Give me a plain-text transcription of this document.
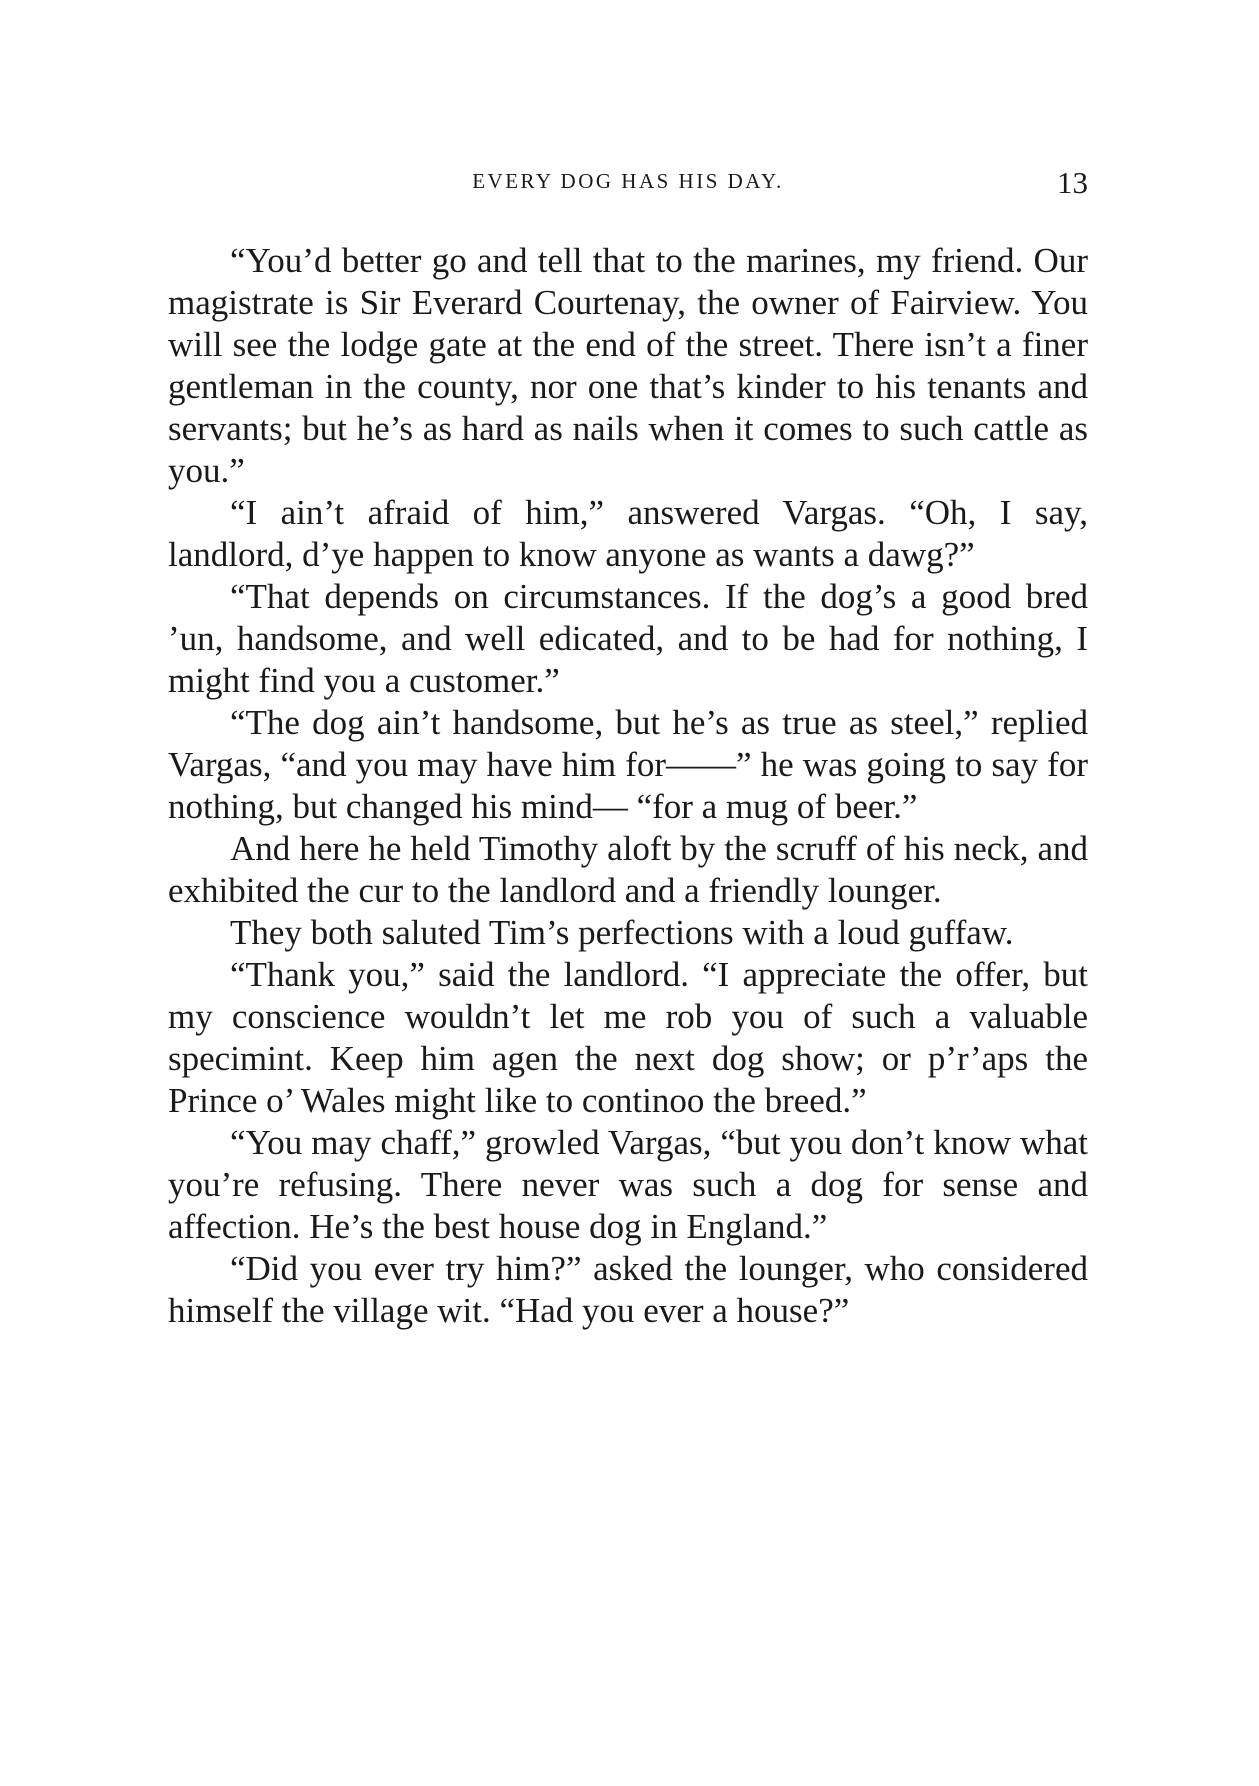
EVERY DOG HAS HIS DAY.	13

“You’d better go and tell that to the marines, my friend. Our magistrate is Sir Everard Courtenay, the owner of Fairview. You will see the lodge gate at the end of the street. There isn’t a finer gentleman in the county, nor one that’s kinder to his tenants and servants; but he’s as hard as nails when it comes to such cattle as you.”

“I ain’t afraid of him,” answered Vargas. “Oh, I say, landlord, d’ye happen to know anyone as wants a dawg?”

“That depends on circumstances. If the dog’s a good bred ’un, handsome, and well edicated, and to be had for nothing, I might find you a customer.”

“The dog ain’t handsome, but he’s as true as steel,” replied Vargas, “and you may have him for——” he was going to say for nothing, but changed his mind— “for a mug of beer.”

And here he held Timothy aloft by the scruff of his neck, and exhibited the cur to the landlord and a friendly lounger.

They both saluted Tim’s perfections with a loud guffaw.

“Thank you,” said the landlord. “I appreciate the offer, but my conscience wouldn’t let me rob you of such a valuable specimint. Keep him agen the next dog show; or p’r’aps the Prince o’ Wales might like to continoo the breed.”

“You may chaff,” growled Vargas, “but you don’t know what you’re refusing. There never was such a dog for sense and affection. He’s the best house dog in England.”

“Did you ever try him?” asked the lounger, who considered himself the village wit. “Had you ever a house?”
